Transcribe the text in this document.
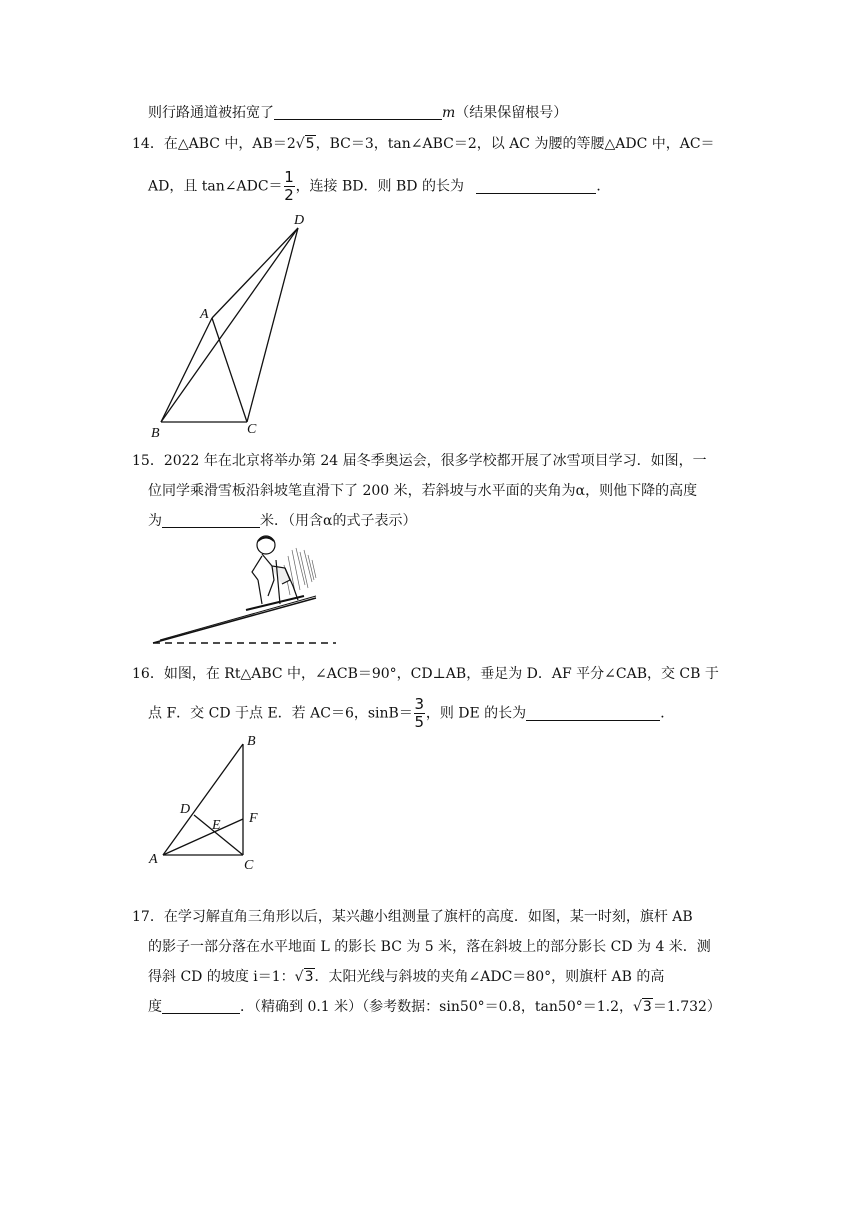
则行路通道被拓宽了	m（结果保留根号）
14．在△ABC 中，AB＝2√5，BC＝3，tan∠ABC＝2，以 AC 为腰的等腰△ADC 中，AC＝
AD，且 tan∠ADC＝ $\frac{1}{2}$ ，连接 BD．则 BD 的长为	．
D
A
B	C
15．2022 年在北京将举办第 24 届冬季奥运会，很多学校都开展了冰雪项目学习．如图，一
位同学乘滑雪板沿斜坡笔直滑下了 200 米，若斜坡与水平面的夹角为α，则他下降的高度
为	米．（用含α的式子表示）
16．如图，在 Rt△ABC 中，∠ACB＝90°，CD⊥AB，垂足为 D．AF 平分∠CAB，交 CB 于
点 F．交 CD 于点 E．若 AC＝6，$\sin B= \frac{3}{5}$ ，则 DE 的长为	．
B
D
E F
A	C
17．在学习解直角三角形以后，某兴趣小组测量了旗杆的高度．如图，某一时刻，旗杆 AB
的影子一部分落在水平地面 L 的影长 BC 为 5 米，落在斜坡上的部分影长 CD 为 4 米．测
得斜 CD 的坡度 i＝1：√3．太阳光线与斜坡的夹角∠ADC＝80°，则旗杆 AB 的高
度	．（精确到 0.1 米）（参考数据：sin50°＝0.8，tan50°＝1.2，√3＝1.732）
